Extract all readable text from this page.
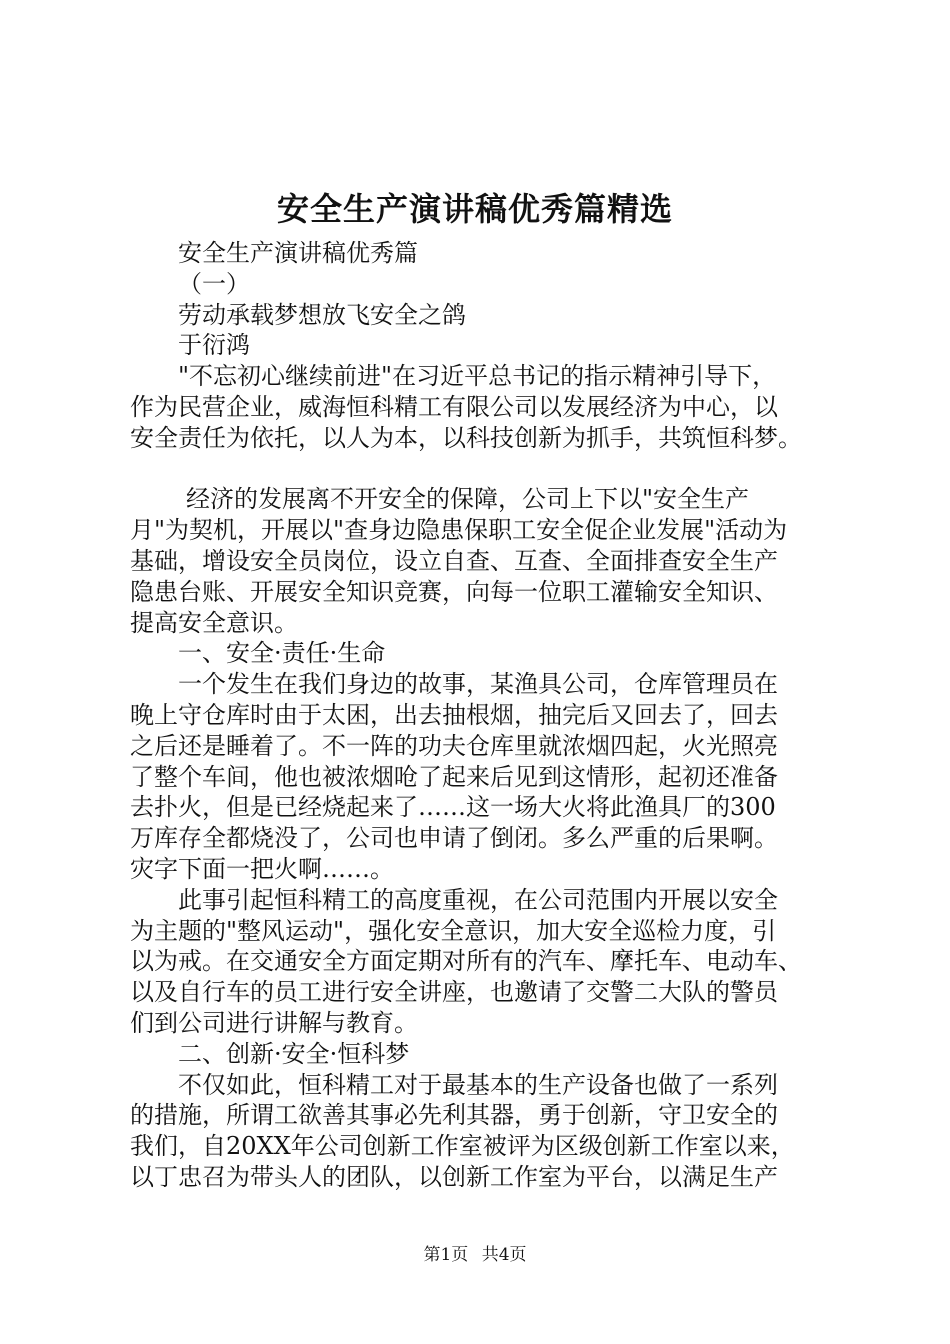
安全生产演讲稿优秀篇精选

安全生产演讲稿优秀篇

（一）

劳动承载梦想放飞安全之鸽

于衍鸿

"不忘初心继续前进"在习近平总书记的指示精神引导下，

作为民营企业，威海恒科精工有限公司以发展经济为中心，以

安全责任为依托，以人为本，以科技创新为抓手，共筑恒科梦。

经济的发展离不开安全的保障，公司上下以"安全生产

月"为契机，开展以"查身边隐患保职工安全促企业发展"活动为

基础，增设安全员岗位，设立自查、互查、全面排查安全生产

隐患台账、开展安全知识竞赛，向每一位职工灌输安全知识、

提高安全意识。

一、安全·责任·生命

一个发生在我们身边的故事，某渔具公司，仓库管理员在

晚上守仓库时由于太困，出去抽根烟，抽完后又回去了，回去

之后还是睡着了。不一阵的功夫仓库里就浓烟四起，火光照亮

了整个车间，他也被浓烟呛了起来后见到这情形，起初还准备

去扑火，但是已经烧起来了……这一场大火将此渔具厂的300

万库存全都烧没了，公司也申请了倒闭。多么严重的后果啊。

灾字下面一把火啊……。

此事引起恒科精工的高度重视，在公司范围内开展以安全

为主题的"整风运动"，强化安全意识，加大安全巡检力度，引

以为戒。在交通安全方面定期对所有的汽车、摩托车、电动车、

以及自行车的员工进行安全讲座，也邀请了交警二大队的警员

们到公司进行讲解与教育。

二、创新·安全·恒科梦

不仅如此，恒科精工对于最基本的生产设备也做了一系列

的措施，所谓工欲善其事必先利其器，勇于创新，守卫安全的

我们，自20XX年公司创新工作室被评为区级创新工作室以来，

以丁忠召为带头人的团队，以创新工作室为平台，以满足生产

第1页 共4页
